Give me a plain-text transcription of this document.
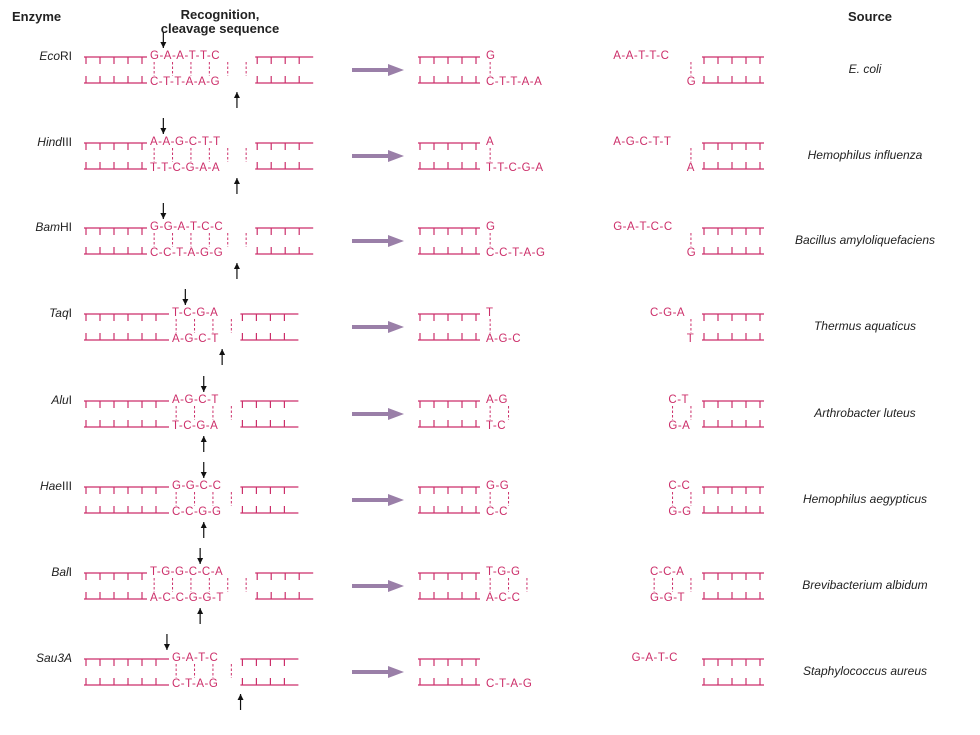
Enzyme	Recognition,
cleavage sequence
Source
EcoRI
E. coli
G-A-A-T-T-C
C-T-T-A-A-G
G
C-T-T-A-A
A-A-T-T-C
G
HindIII
Hemophilus influenza
A-A-G-C-T-T
T-T-C-G-A-A
A
T-T-C-G-A
A-G-C-T-T
A
BamHI
Bacillus amyloliquefaciens
G-G-A-T-C-C
C-C-T-A-G-G
G
C-C-T-A-G
G-A-T-C-C
G
TaqI
Thermus aquaticus
T-C-G-A
A-G-C-T
T
A-G-C
C-G-A
T
AluI
Arthrobacter luteus
A-G-C-T
T-C-G-A
A-G
T-C
C-T
G-A
HaeIII
Hemophilus aegypticus
G-G-C-C
C-C-G-G
G-G
C-C
C-C
G-G
BalI
Brevibacterium albidum
T-G-G-C-C-A
A-C-C-G-G-T
T-G-G
A-C-C
C-C-A
G-G-T
Sau3A
Staphylococcus aureus
G-A-T-C
C-T-A-G	C-T-A-G
G-A-T-C
